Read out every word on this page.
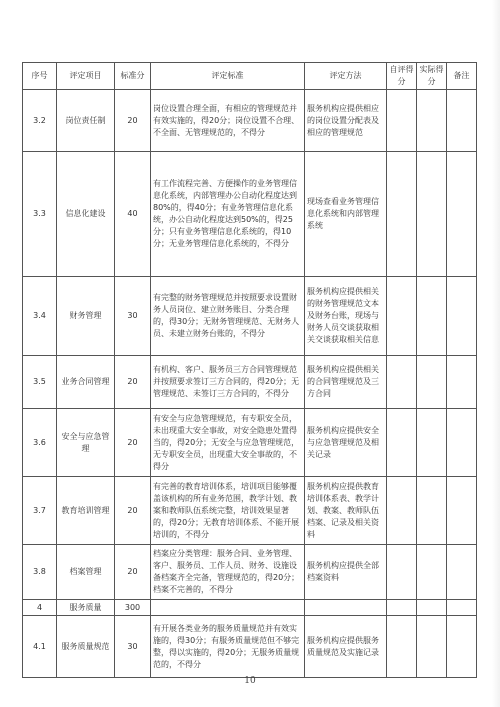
序号	评定项目	标准分	评定标准	评定方法	自评得分	实际得分	备注
3.2	岗位责任制	20	岗位设置合理全面，有相应的管理规范并有效实施的，得20分；岗位设置不合理、不全面、无管理规范的，不得分	服务机构应提供相应的岗位设置分配表及相应的管理规范			
3.3	信息化建设	40	有工作流程完善、方便操作的业务管理信息化系统，内部管理办公自动化程度达到80%的，得40分；有业务管理信息化系统，办公自动化程度达到50%的，得25分；只有业务管理信息化系统的，得10分；无业务管理信息化系统的，不得分	现场查看业务管理信息化系统和内部管理系统			
3.4	财务管理	30	有完整的财务管理规范并按照要求设置财务人员岗位、建立财务账目、分类合理的，得30分；无财务管理规范、无财务人员、未建立财务台账的，不得分	服务机构应提供相关的财务管理规范文本及财务台账，现场与财务人员交谈获取相关交谈获取相关信息			
3.5	业务合同管理	20	有机构、客户、服务员三方合同管理规范并按照要求签订三方合同的，得20分；无管理规范、未签订三方合同的，不得分	服务机构应提供相关的合同管理规范及三方合同			
3.6	安全与应急管理	20	有安全与应急管理规范，有专职安全员，未出现重大安全事故，对安全隐患处置得当的，得20分；无安全与应急管理规范，无专职安全员，出现重大安全事故的，不得分	服务机构应提供安全与应急管理规范及相关记录			
3.7	教育培训管理	20	有完善的教育培训体系，培训项目能够覆盖该机构的所有业务范围，教学计划、教案和教师队伍系统完整，培训效果显著的，得20分；无教育培训体系、不能开展培训的，不得分	服务机构应提供教育培训体系表、教学计划、教案、教师队伍档案、记录及相关资料			
3.8	档案管理	20	档案应分类管理：服务合同、业务管理、客户、服务员、工作人员、财务、设施设备档案齐全完备，管理规范的，得20分；档案不完善的，不得分	服务机构应提供全部档案资料			
4	服务质量	300					
4.1	服务质量规范	30	有开展各类业务的服务质量规范并有效实施的，得30分；有服务质量规范但不够完整，得以实施的，得20分；无服务质量规范的，不得分	服务机构应提供服务质量规范及实施记录			
10
